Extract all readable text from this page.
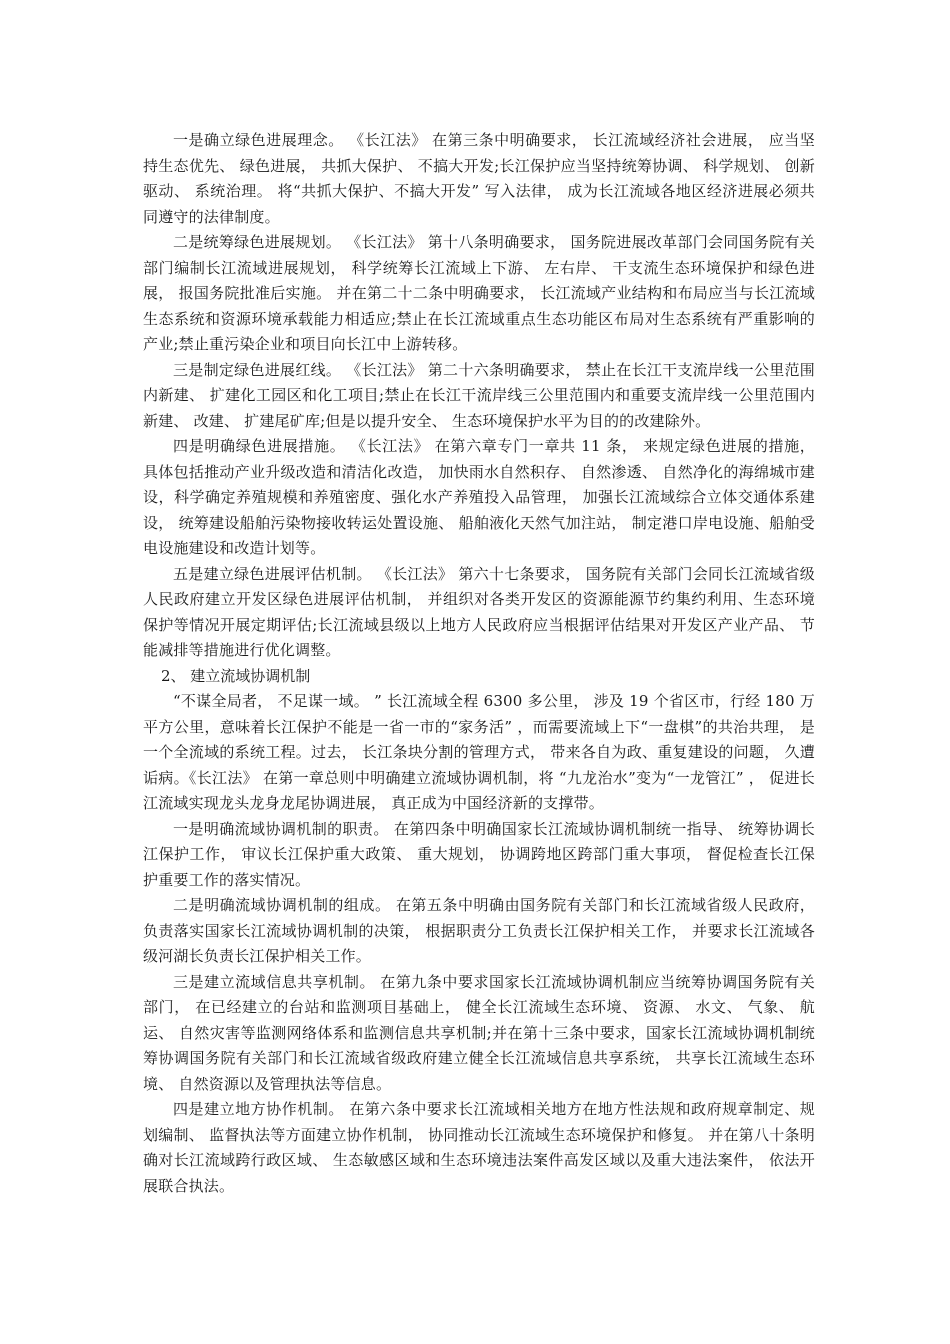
一是确立绿色进展理念。 《长江法》 在第三条中明确要求， 长江流域经济社会进展， 应当坚持生态优先、 绿色进展， 共抓大保护、 不搞大开发;长江保护应当坚持统筹协调、 科学规划、 创新驱动、 系统治理。 将“共抓大保护、不搞大开发” 写入法律， 成为长江流域各地区经济进展必须共同遵守的法律制度。

二是统筹绿色进展规划。 《长江法》 第十八条明确要求， 国务院进展改革部门会同国务院有关部门编制长江流域进展规划， 科学统筹长江流域上下游、 左右岸、 干支流生态环境保护和绿色进展， 报国务院批准后实施。 并在第二十二条中明确要求， 长江流域产业结构和布局应当与长江流域生态系统和资源环境承载能力相适应;禁止在长江流域重点生态功能区布局对生态系统有严重影响的产业;禁止重污染企业和项目向长江中上游转移。

三是制定绿色进展红线。 《长江法》 第二十六条明确要求， 禁止在长江干支流岸线一公里范围内新建、 扩建化工园区和化工项目;禁止在长江干流岸线三公里范围内和重要支流岸线一公里范围内新建、 改建、 扩建尾矿库;但是以提升安全、 生态环境保护水平为目的的改建除外。

四是明确绿色进展措施。 《长江法》 在第六章专门一章共 11 条， 来规定绿色进展的措施， 具体包括推动产业升级改造和清洁化改造， 加快雨水自然积存、 自然渗透、 自然净化的海绵城市建设，科学确定养殖规模和养殖密度、强化水产养殖投入品管理， 加强长江流域综合立体交通体系建设， 统筹建设船舶污染物接收转运处置设施、 船舶液化天然气加注站， 制定港口岸电设施、船舶受电设施建设和改造计划等。

五是建立绿色进展评估机制。 《长江法》 第六十七条要求， 国务院有关部门会同长江流域省级人民政府建立开发区绿色进展评估机制， 并组织对各类开发区的资源能源节约集约利用、生态环境保护等情况开展定期评估;长江流域县级以上地方人民政府应当根据评估结果对开发区产业产品、 节能减排等措施进行优化调整。

2、 建立流域协调机制

“不谋全局者， 不足谋一域。 ” 长江流域全程 6300 多公里， 涉及 19 个省区市，行经 180 万平方公里，意味着长江保护不能是一省一市的“家务活” ，而需要流域上下“一盘棋”的共治共理， 是一个全流域的系统工程。过去， 长江条块分割的管理方式， 带来各自为政、重复建设的问题， 久遭诟病。《长江法》 在第一章总则中明确建立流域协调机制，将 “九龙治水”变为“一龙管江” ， 促进长江流域实现龙头龙身龙尾协调进展， 真正成为中国经济新的支撑带。

一是明确流域协调机制的职责。 在第四条中明确国家长江流域协调机制统一指导、 统筹协调长江保护工作， 审议长江保护重大政策、 重大规划， 协调跨地区跨部门重大事项， 督促检查长江保护重要工作的落实情况。

二是明确流域协调机制的组成。 在第五条中明确由国务院有关部门和长江流域省级人民政府，负责落实国家长江流域协调机制的决策， 根据职责分工负责长江保护相关工作， 并要求长江流域各级河湖长负责长江保护相关工作。

三是建立流域信息共享机制。 在第九条中要求国家长江流域协调机制应当统筹协调国务院有关部门， 在已经建立的台站和监测项目基础上， 健全长江流域生态环境、 资源、 水文、 气象、 航运、 自然灾害等监测网络体系和监测信息共享机制;并在第十三条中要求，国家长江流域协调机制统筹协调国务院有关部门和长江流域省级政府建立健全长江流域信息共享系统， 共享长江流域生态环境、 自然资源以及管理执法等信息。

四是建立地方协作机制。 在第六条中要求长江流域相关地方在地方性法规和政府规章制定、规划编制、 监督执法等方面建立协作机制， 协同推动长江流域生态环境保护和修复。 并在第八十条明确对长江流域跨行政区域、 生态敏感区域和生态环境违法案件高发区域以及重大违法案件， 依法开展联合执法。
